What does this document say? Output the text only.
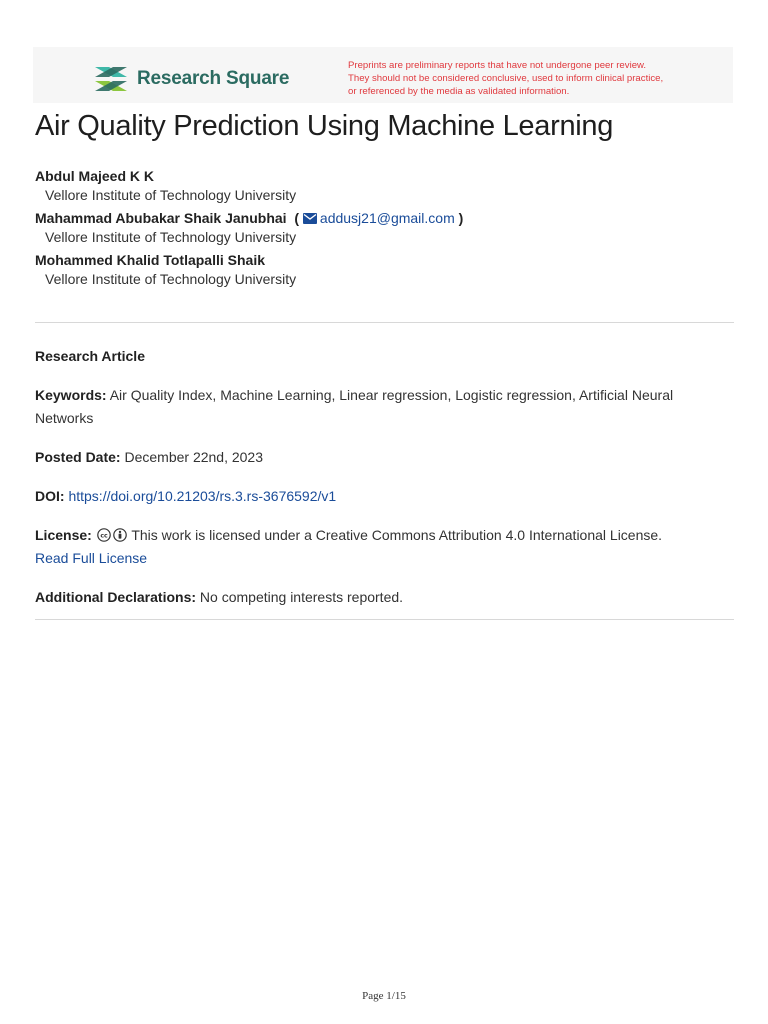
Research Square
Preprints are preliminary reports that have not undergone peer review.
They should not be considered conclusive, used to inform clinical practice,
or referenced by the media as validated information.
Air Quality Prediction Using Machine Learning
Abdul Majeed K K
Vellore Institute of Technology University
Mahammad Abubakar Shaik Janubhai  ( addusj21@gmail.com )
Vellore Institute of Technology University
Mohammed Khalid Totlapalli Shaik
Vellore Institute of Technology University

Research Article

Keywords: Air Quality Index, Machine Learning, Linear regression, Logistic regression, Artificial Neural Networks

Posted Date: December 22nd, 2023

DOI: https://doi.org/10.21203/rs.3.rs-3676592/v1

License: cc This work is licensed under a Creative Commons Attribution 4.0 International License.
Read Full License

Additional Declarations: No competing interests reported.

Page 1/15
